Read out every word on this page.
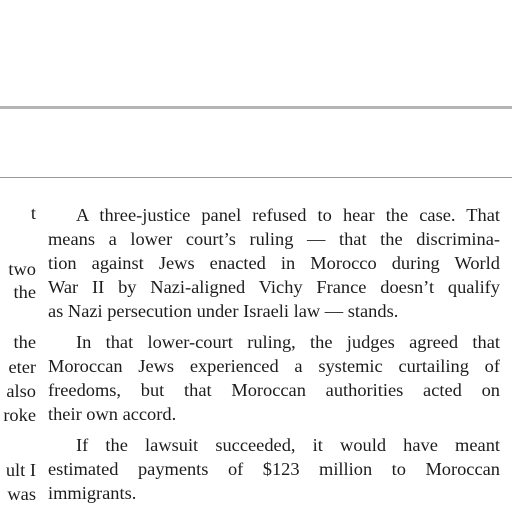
t
two
the
the
eter
also
roke
ult I
was
A three-justice panel refused to hear the case. That
means a lower court’s ruling — that the discrimina-
tion against Jews enacted in Morocco during World
War II by Nazi-aligned Vichy France doesn’t qualify
as Nazi persecution under Israeli law — stands.
In that lower-court ruling, the judges agreed that
Moroccan Jews experienced a systemic curtailing of
freedoms, but that Moroccan authorities acted on
their own accord.
If the lawsuit succeeded, it would have meant
estimated payments of $123 million to Moroccan
immigrants.
